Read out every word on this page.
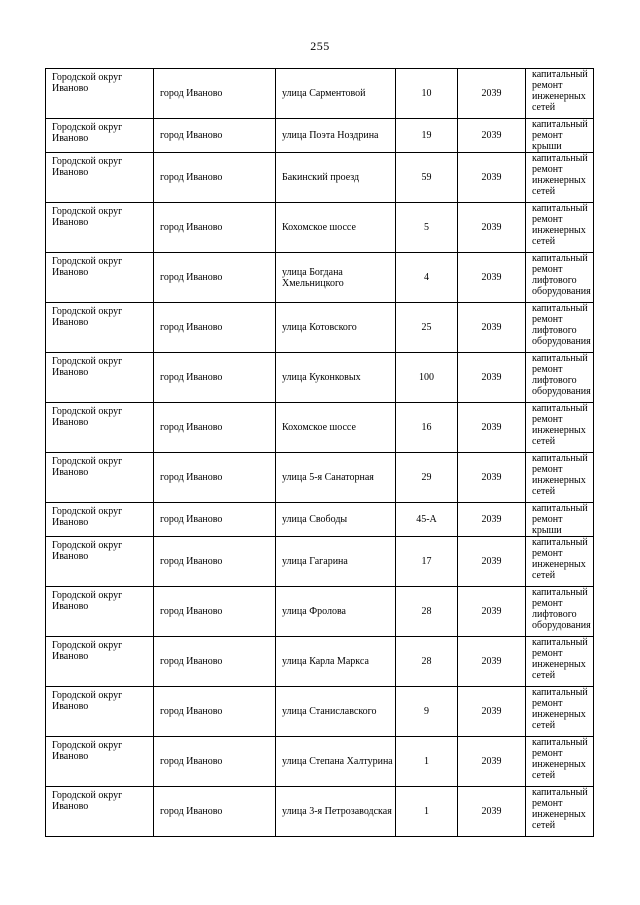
255
Городской округ Иваново	город Иваново	улица Сарментовой	10	2039	капитальный ремонт инженерных сетей
Городской округ Иваново	город Иваново	улица Поэта Ноздрина	19	2039	капитальный ремонт крыши
Городской округ Иваново	город Иваново	Бакинский проезд	59	2039	капитальный ремонт инженерных сетей
Городской округ Иваново	город Иваново	Кохомское шоссе	5	2039	капитальный ремонт инженерных сетей
Городской округ Иваново	город Иваново	улица Богдана Хмельницкого	4	2039	капитальный ремонт лифтового оборудования
Городской округ Иваново	город Иваново	улица Котовского	25	2039	капитальный ремонт лифтового оборудования
Городской округ Иваново	город Иваново	улица Куконковых	100	2039	капитальный ремонт лифтового оборудования
Городской округ Иваново	город Иваново	Кохомское шоссе	16	2039	капитальный ремонт инженерных сетей
Городской округ Иваново	город Иваново	улица 5-я Санаторная	29	2039	капитальный ремонт инженерных сетей
Городской округ Иваново	город Иваново	улица Свободы	45-А	2039	капитальный ремонт крыши
Городской округ Иваново	город Иваново	улица Гагарина	17	2039	капитальный ремонт инженерных сетей
Городской округ Иваново	город Иваново	улица Фролова	28	2039	капитальный ремонт лифтового оборудования
Городской округ Иваново	город Иваново	улица Карла Маркса	28	2039	капитальный ремонт инженерных сетей
Городской округ Иваново	город Иваново	улица Станиславского	9	2039	капитальный ремонт инженерных сетей
Городской округ Иваново	город Иваново	улица Степана Халтурина	1	2039	капитальный ремонт инженерных сетей
Городской округ Иваново	город Иваново	улица 3-я Петрозаводская	1	2039	капитальный ремонт инженерных сетей
